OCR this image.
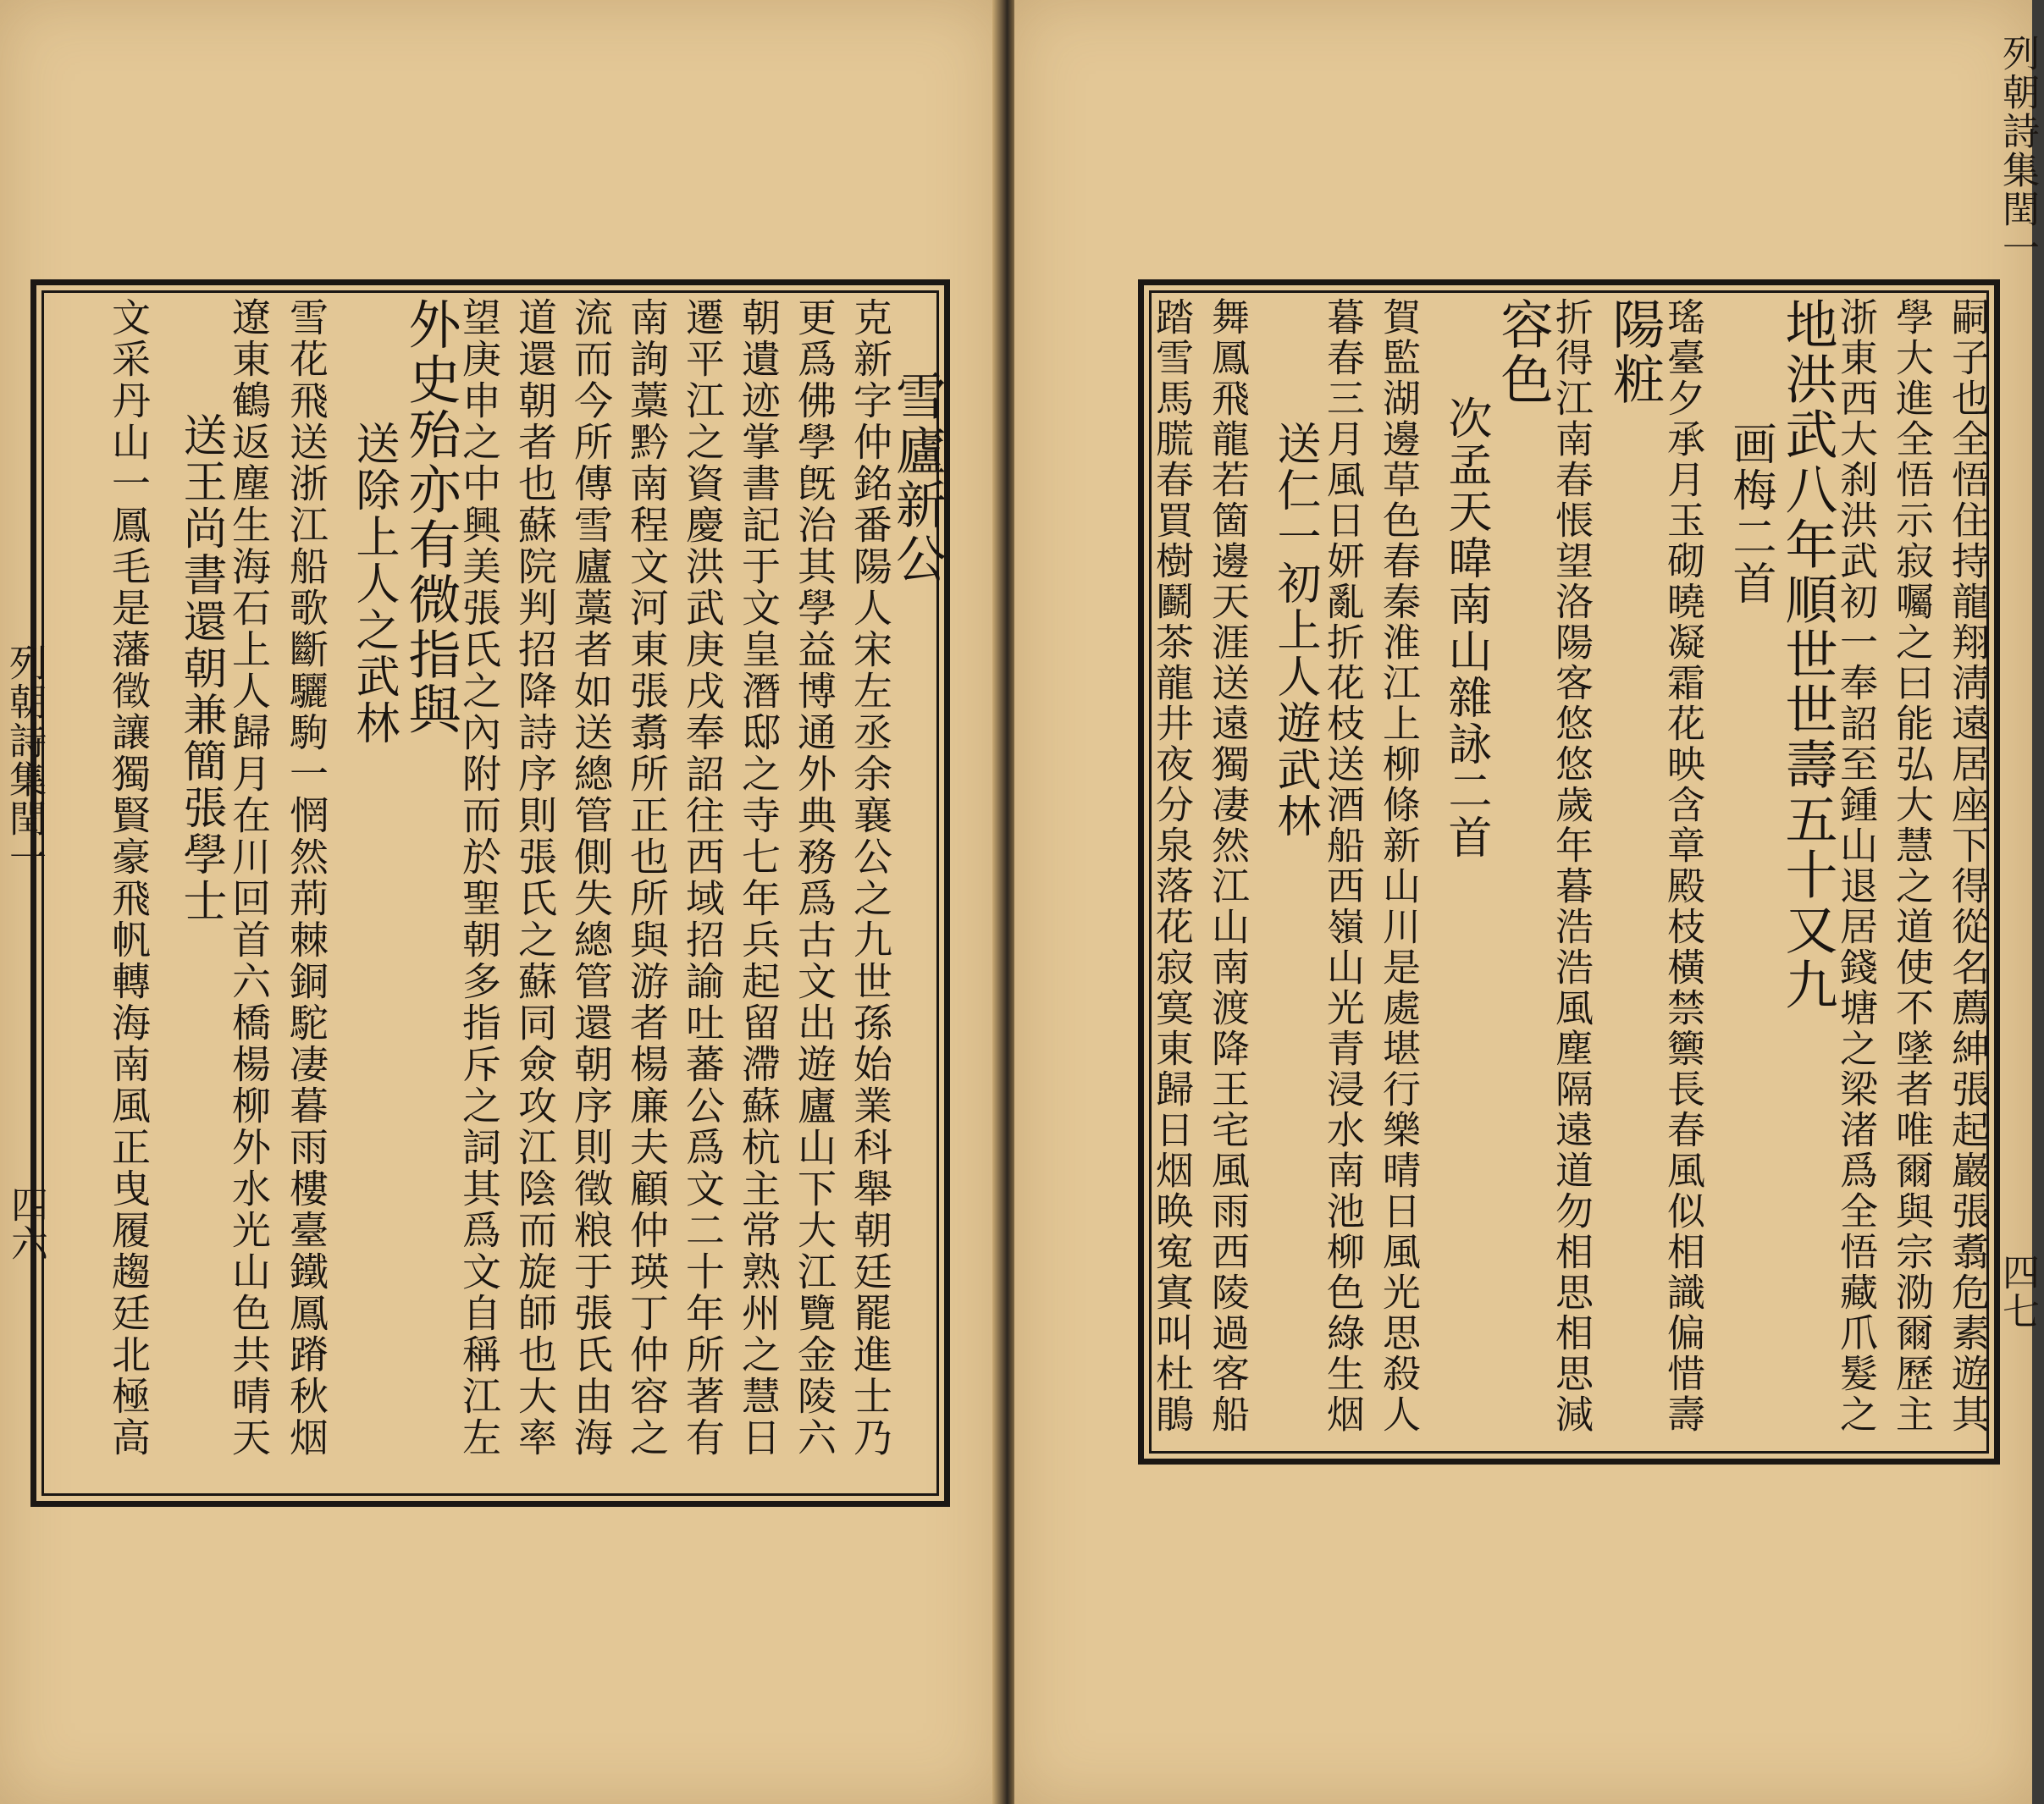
文采丹山一鳳毛是藩徵讓獨賢豪飛帆轉海南風正曳履趨廷北極高 送王尚書還朝兼簡張學士 遼東鶴返塵生海石上人歸月在川回首六橋楊柳外水光山色共晴天 雪花飛送浙江船歌斷驪駒一惘然荊棘銅駝凄暮雨樓臺鐵鳳蹐秋烟 送除上人之武林 外史殆亦有微指與
望庚申之中興美張氏之內附而於聖朝多指斥之詞其爲文自稱江左 道還朝者也蘇院判招降詩序則張氏之蘇同僉攻江陰而旋師也大率 流而今所傳雪廬藁者如送總管側失總管還朝序則徵粮于張氏由海 南詢藁黔南程文河東張翥所正也所與游者楊廉夫顧仲瑛丁仲容之 遷平江之資慶洪武庚戌奉詔往西域招諭吐蕃公爲文二十年所著有 朝遺迹掌書記于文皇潛邸之寺七年兵起留滯蘇杭主常熟州之慧日 更爲佛學旣治其學益博通外典務爲古文出遊廬山下大江覽金陵六 克新字仲銘番陽人宋左丞余襄公之九世孫始業科舉朝廷罷進士乃
雪廬新公
列朝詩集閏一
四六	踏雪馬㬻春買樹鬬茶龍井夜分泉落花寂寞東歸日烟㬇寃寘叫杜鵑 舞鳳飛龍若箇邊天涯送遠獨凄然江山南渡降王宅風雨西陵過客船 送仁一初上人遊武林 暮春三月風日妍亂折花枝送酒船西嶺山光青浸水南池柳色綠生烟 賀監湖邊草色春秦淮江上柳條新山川是處堪行樂晴日風光思殺人 次孟天暐南山雜詠二首
容色
折得江南春悵望洛陽客悠悠歲年暮浩浩風塵隔遠道勿相思相思減 陽粧
瑤臺夕承月玉砌曉凝霜花映含章殿枝橫禁籞長春風似相識偏惜壽 画梅二首 地洪武八年順世世壽五十又九
浙東西大刹洪武初一奉詔至鍾山退居錢塘之梁渚爲全悟藏爪髮之 學大進全悟示寂囑之曰能弘大慧之道使不墜者唯爾與宗泐爾歷主 嗣子也全悟住持龍翔淸遠居座下得從名薦紳張起巖張翥危素遊其
列朝詩集閏一
四七
